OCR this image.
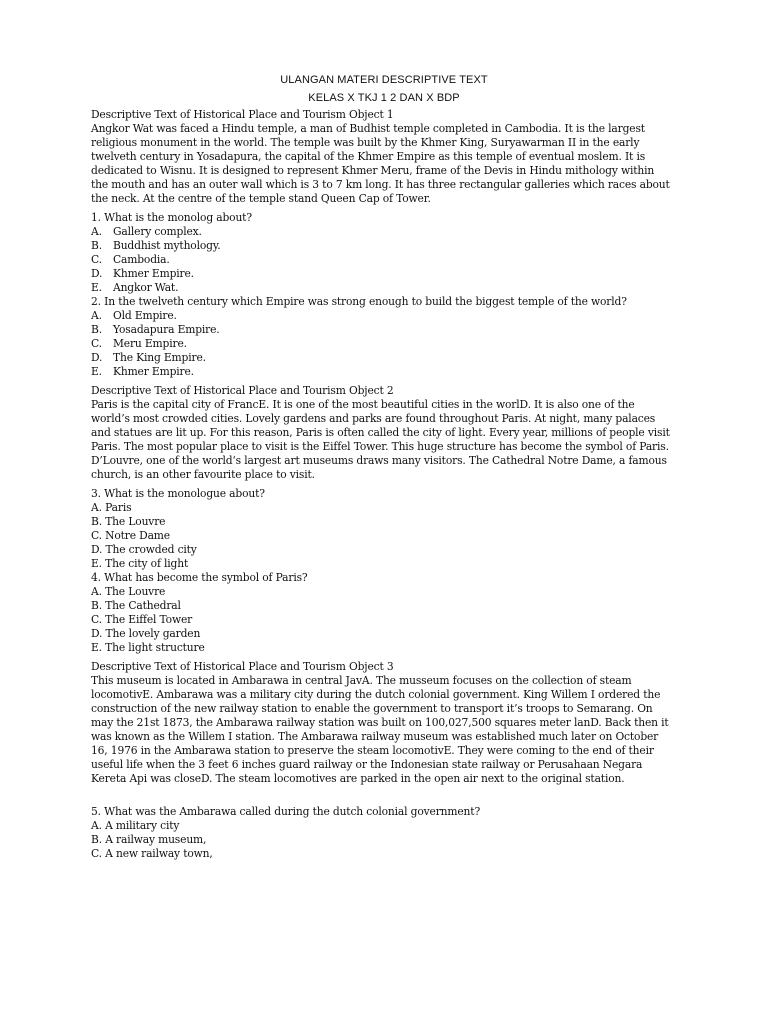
ULANGAN MATERI DESCRIPTIVE TEXT
KELAS X TKJ 1 2 DAN X BDP

Descriptive Text of Historical Place and Tourism Object 1

Angkor Wat was faced a Hindu temple, a man of Budhist temple completed in Cambodia. It is the largest religious monument in the world. The temple was built by the Khmer King, Suryawarman II in the early twelveth century in Yosadapura, the capital of the Khmer Empire as this temple of eventual moslem. It is dedicated to Wisnu. It is designed to represent Khmer Meru, frame of the Devis in Hindu mithology within the mouth and has an outer wall which is 3 to 7 km long. It has three rectangular galleries which races about the neck. At the centre of the temple stand Queen Cap of Tower.

1. What is the monolog about?

A. Gallery complex.

B. Buddhist mythology.

C. Cambodia.

D. Khmer Empire.

E. Angkor Wat.

2. In the twelveth century which Empire was strong enough to build the biggest temple of the world?

A. Old Empire.

B. Yosadapura Empire.

C. Meru Empire.

D. The King Empire.

E. Khmer Empire.

Descriptive Text of Historical Place and Tourism Object 2

Paris is the capital city of FrancE. It is one of the most beautiful cities in the worlD. It is also one of the world’s most crowded cities. Lovely gardens and parks are found throughout Paris. At night, many palaces and statues are lit up. For this reason, Paris is often called the city of light. Every year, millions of people visit Paris. The most popular place to visit is the Eiffel Tower. This huge structure has become the symbol of Paris. D’Louvre, one of the world‘s largest art museums draws many visitors. The Cathedral Notre Dame, a famous church, is an other favourite place to visit.

3. What is the monologue about?

A. Paris

B. The Louvre

C. Notre Dame

D. The crowded city

E. The city of light

4. What has become the symbol of Paris?

A. The Louvre

B. The Cathedral

C. The Eiffel Tower

D. The lovely garden

E. The light structure

Descriptive Text of Historical Place and Tourism Object 3

This museum is located in Ambarawa in central JavA. The musseum focuses on the collection of steam locomotivE. Ambarawa was a military city during the dutch colonial government. King Willem I ordered the construction of the new railway station to enable the government to transport it’s troops to Semarang. On may the 21st 1873, the Ambarawa railway station was built on 100,027,500 squares meter lanD. Back then it was known as the Willem I station. The Ambarawa railway museum was established much later on October 16, 1976 in the Ambarawa station to preserve the steam locomotivE. They were coming to the end of their useful life when the 3 feet 6 inches guard railway or the Indonesian state railway or Perusahaan Negara Kereta Api was closeD. The steam locomotives are parked in the open air next to the original station.

5. What was the Ambarawa called during the dutch colonial government?

A. A military city

B. A railway museum,

C. A new railway town,
